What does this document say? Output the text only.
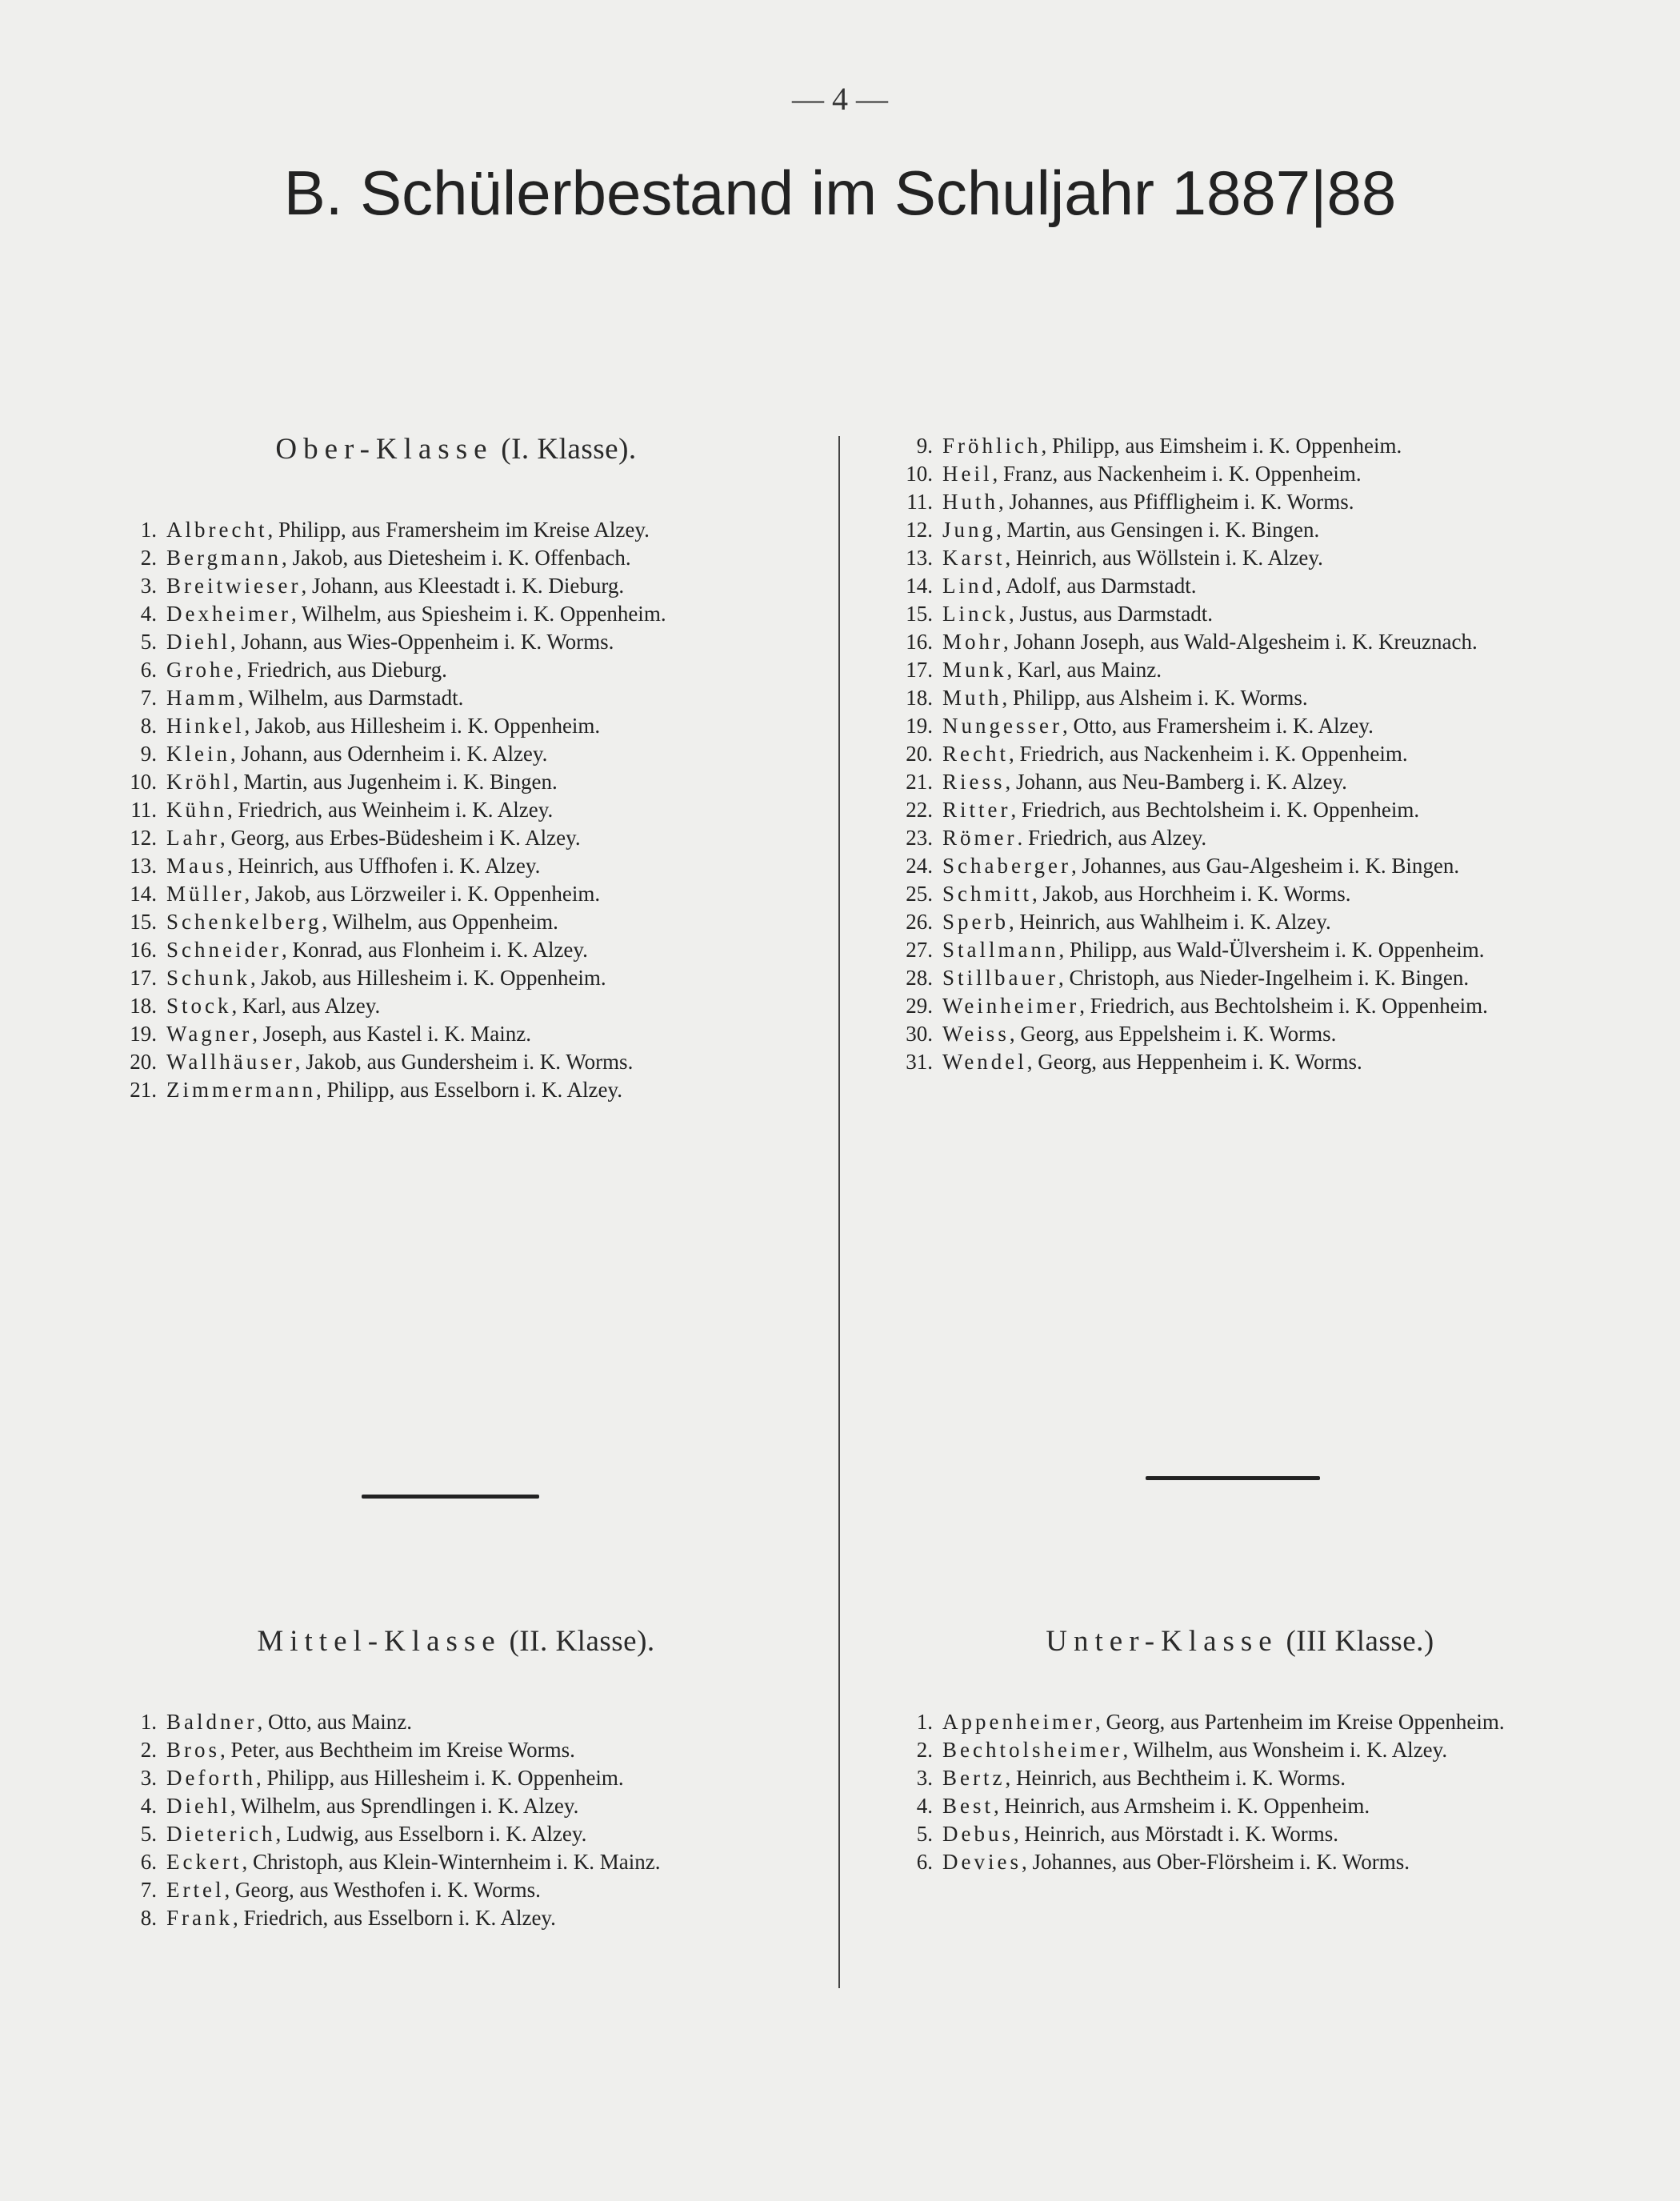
— 4 —
B. Schülerbestand im Schuljahr 1887|88
Ober-Klasse (I. Klasse).
1. Albrecht, Philipp, aus Framersheim im Kreise Alzey.
2. Bergmann, Jakob, aus Dietesheim i. K. Offenbach.
3. Breitwieser, Johann, aus Kleestadt i. K. Dieburg.
4. Dexheimer, Wilhelm, aus Spiesheim i. K. Oppenheim.
5. Diehl, Johann, aus Wies-Oppenheim i. K. Worms.
6. Grohe, Friedrich, aus Dieburg.
7. Hamm, Wilhelm, aus Darmstadt.
8. Hinkel, Jakob, aus Hillesheim i. K. Oppenheim.
9. Klein, Johann, aus Odernheim i. K. Alzey.
10. Kröhl, Martin, aus Jugenheim i. K. Bingen.
11. Kühn, Friedrich, aus Weinheim i. K. Alzey.
12. Lahr, Georg, aus Erbes-Büdesheim i K. Alzey.
13. Maus, Heinrich, aus Uffhofen i. K. Alzey.
14. Müller, Jakob, aus Lörzweiler i. K. Oppenheim.
15. Schenkelberg, Wilhelm, aus Oppenheim.
16. Schneider, Konrad, aus Flonheim i. K. Alzey.
17. Schunk, Jakob, aus Hillesheim i. K. Oppenheim.
18. Stock, Karl, aus Alzey.
19. Wagner, Joseph, aus Kastel i. K. Mainz.
20. Wallhäuser, Jakob, aus Gundersheim i. K. Worms.
21. Zimmermann, Philipp, aus Esselborn i. K. Alzey.
9. Fröhlich, Philipp, aus Eimsheim i. K. Oppenheim.
10. Heil, Franz, aus Nackenheim i. K. Oppenheim.
11. Huth, Johannes, aus Pfiffligheim i. K. Worms.
12. Jung, Martin, aus Gensingen i. K. Bingen.
13. Karst, Heinrich, aus Wöllstein i. K. Alzey.
14. Lind, Adolf, aus Darmstadt.
15. Linck, Justus, aus Darmstadt.
16. Mohr, Johann Joseph, aus Wald-Algesheim i. K. Kreuznach.
17. Munk, Karl, aus Mainz.
18. Muth, Philipp, aus Alsheim i. K. Worms.
19. Nungesser, Otto, aus Framersheim i. K. Alzey.
20. Recht, Friedrich, aus Nackenheim i. K. Oppenheim.
21. Riess, Johann, aus Neu-Bamberg i. K. Alzey.
22. Ritter, Friedrich, aus Bechtolsheim i. K. Oppenheim.
23. Römer. Friedrich, aus Alzey.
24. Schaberger, Johannes, aus Gau-Algesheim i. K. Bingen.
25. Schmitt, Jakob, aus Horchheim i. K. Worms.
26. Sperb, Heinrich, aus Wahlheim i. K. Alzey.
27. Stallmann, Philipp, aus Wald-Ülversheim i. K. Oppenheim.
28. Stillbauer, Christoph, aus Nieder-Ingelheim i. K. Bingen.
29. Weinheimer, Friedrich, aus Bechtolsheim i. K. Oppenheim.
30. Weiss, Georg, aus Eppelsheim i. K. Worms.
31. Wendel, Georg, aus Heppenheim i. K. Worms.
Mittel-Klasse (II. Klasse).
1. Baldner, Otto, aus Mainz.
2. Bros, Peter, aus Bechtheim im Kreise Worms.
3. Deforth, Philipp, aus Hillesheim i. K. Oppenheim.
4. Diehl, Wilhelm, aus Sprendlingen i. K. Alzey.
5. Dieterich, Ludwig, aus Esselborn i. K. Alzey.
6. Eckert, Christoph, aus Klein-Winternheim i. K. Mainz.
7. Ertel, Georg, aus Westhofen i. K. Worms.
8. Frank, Friedrich, aus Esselborn i. K. Alzey.
Unter-Klasse (III Klasse.)
1. Appenheimer, Georg, aus Partenheim im Kreise Oppenheim.
2. Bechtolsheimer, Wilhelm, aus Wonsheim i. K. Alzey.
3. Bertz, Heinrich, aus Bechtheim i. K. Worms.
4. Best, Heinrich, aus Armsheim i. K. Oppenheim.
5. Debus, Heinrich, aus Mörstadt i. K. Worms.
6. Devies, Johannes, aus Ober-Flörsheim i. K. Worms.
